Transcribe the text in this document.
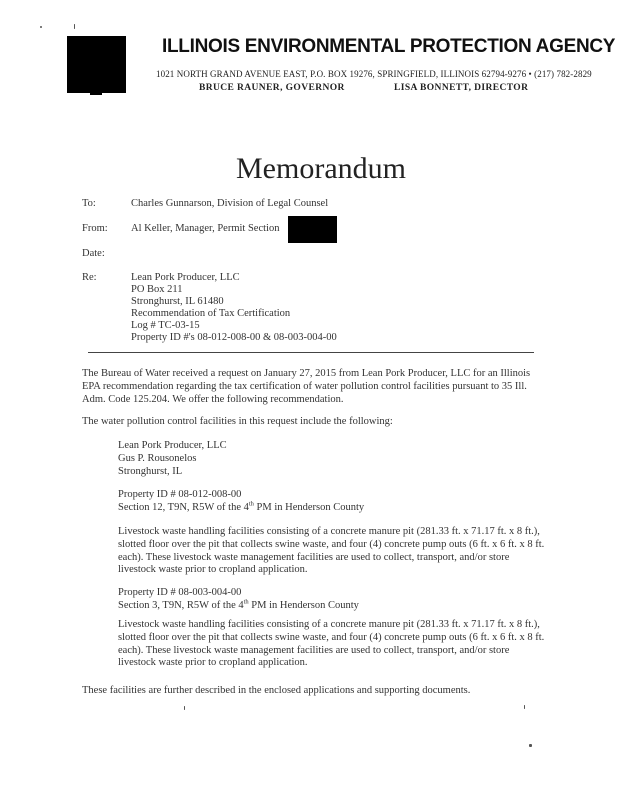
ILLINOIS ENVIRONMENTAL PROTECTION AGENCY
1021 NORTH GRAND AVENUE EAST, P.O. BOX 19276, SPRINGFIELD, ILLINOIS 62794-9276 • (217) 782-2829
BRUCE RAUNER, GOVERNOR	LISA BONNETT, DIRECTOR
Memorandum
To:	Charles Gunnarson, Division of Legal Counsel
From: Al Keller, Manager, Permit Section
Date:
Re:	Lean Pork Producer, LLC
PO Box 211
Stronghurst, IL 61480
Recommendation of Tax Certification
Log # TC-03-15
Property ID #'s 08-012-008-00 & 08-003-004-00
The Bureau of Water received a request on January 27, 2015 from Lean Pork Producer, LLC for an Illinois
EPA recommendation regarding the tax certification of water pollution control facilities pursuant to 35 Ill.
Adm. Code 125.204. We offer the following recommendation.
The water pollution control facilities in this request include the following:
Lean Pork Producer, LLC
Gus P. Rousonelos
Stronghurst, IL
Property ID # 08-012-008-00
Section 12, T9N, R5W of the 4th PM in Henderson County
Livestock waste handling facilities consisting of a concrete manure pit (281.33 ft. x 71.17 ft. x 8 ft.),
slotted floor over the pit that collects swine waste, and four (4) concrete pump outs (6 ft. x 6 ft. x 8 ft.
each). These livestock waste management facilities are used to collect, transport, and/or store
livestock waste prior to cropland application.
Property ID # 08-003-004-00
Section 3, T9N, R5W of the 4th PM in Henderson County
Livestock waste handling facilities consisting of a concrete manure pit (281.33 ft. x 71.17 ft. x 8 ft.),
slotted floor over the pit that collects swine waste, and four (4) concrete pump outs (6 ft. x 6 ft. x 8 ft.
each). These livestock waste management facilities are used to collect, transport, and/or store
livestock waste prior to cropland application.
These facilities are further described in the enclosed applications and supporting documents.
